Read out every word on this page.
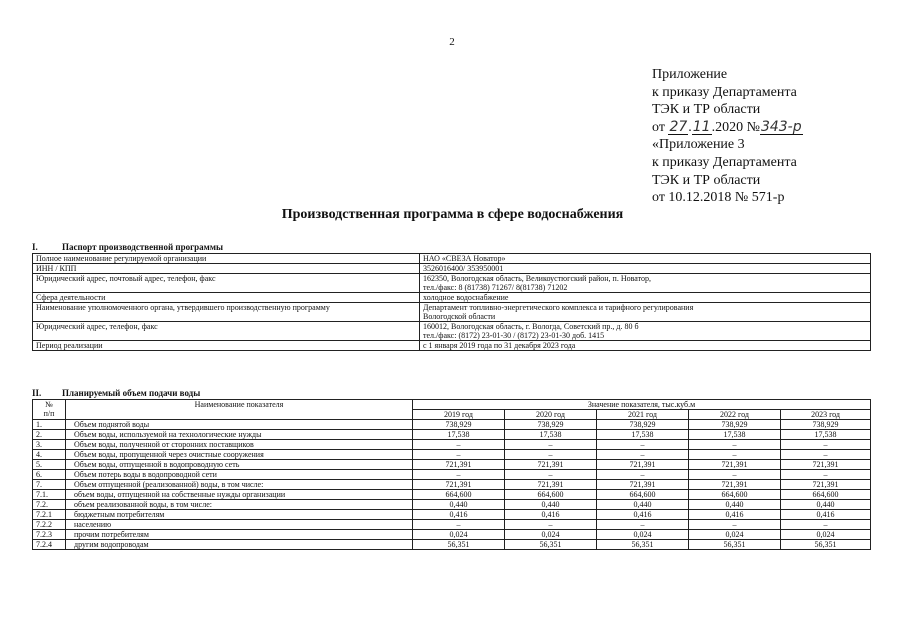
2
Приложение
к приказу Департамента
ТЭК и ТР области
от 27.11.2020 №343-р
«Приложение 3
к приказу Департамента
ТЭК и ТР области
от 10.12.2018 № 571-р
Производственная программа в сфере водоснабжения
I.	Паспорт производственной программы
Полное наименование регулируемой организации	НАО «СВЕЗА Новатор»

ИНН / КПП	3526016400/ 353950001

Юридический адрес, почтовый адрес, телефон, факс	162350, Вологодская область, Великоустюгский район, п. Новатор,
тел./факс: 8 (81738) 71267/ 8(81738) 71202

Сфера деятельности	холодное водоснабжение

Наименование уполномоченного органа, утвердившего производственную программу	Департамент топливно-энергетического комплекса и тарифного регулирования
Вологодской области

Юридический адрес, телефон, факс	160012, Вологодская область, г. Вологда, Советский пр., д. 80 б
тел./факс: (8172) 23-01-30 / (8172) 23-01-30 доб. 1415

Период реализации	с 1 января 2019 года по 31 декабря 2023 года
II. Планируемый объем подачи воды
№
п/п	Наименование показателя	Значение показателя, тыс.куб.м				
		2019 год	2020 год	2021 год	2022 год	2023 год
1.	Объем поднятой воды	738,929	738,929	738,929	738,929	738,929
2.	Объем воды, используемой на технологические нужды	17,538	17,538	17,538	17,538	17,538
3.	Объем воды, полученной от сторонних поставщиков	–	–	–	–	–
4.	Объем воды, пропущенной через очистные сооружения	–	–	–	–	–
5.	Объем воды, отпущенной в водопроводную сеть	721,391	721,391	721,391	721,391	721,391
6.	Объем потерь воды в водопроводной сети	–	–	–	–	–
7.	Объем отпущенной (реализованной) воды, в том числе:	721,391	721,391	721,391	721,391	721,391
7.1.	объем воды, отпущенной на собственные нужды организации	664,600	664,600	664,600	664,600	664,600
7.2.	объем реализованной воды, в том числе:	0,440	0,440	0,440	0,440	0,440
7.2.1	бюджетным потребителям	0,416	0,416	0,416	0,416	0,416
7.2.2	населению	–	–	–	–	–
7.2.3	прочим потребителям	0,024	0,024	0,024	0,024	0,024
7.2.4	другим водопроводам	56,351	56,351	56,351	56,351	56,351
